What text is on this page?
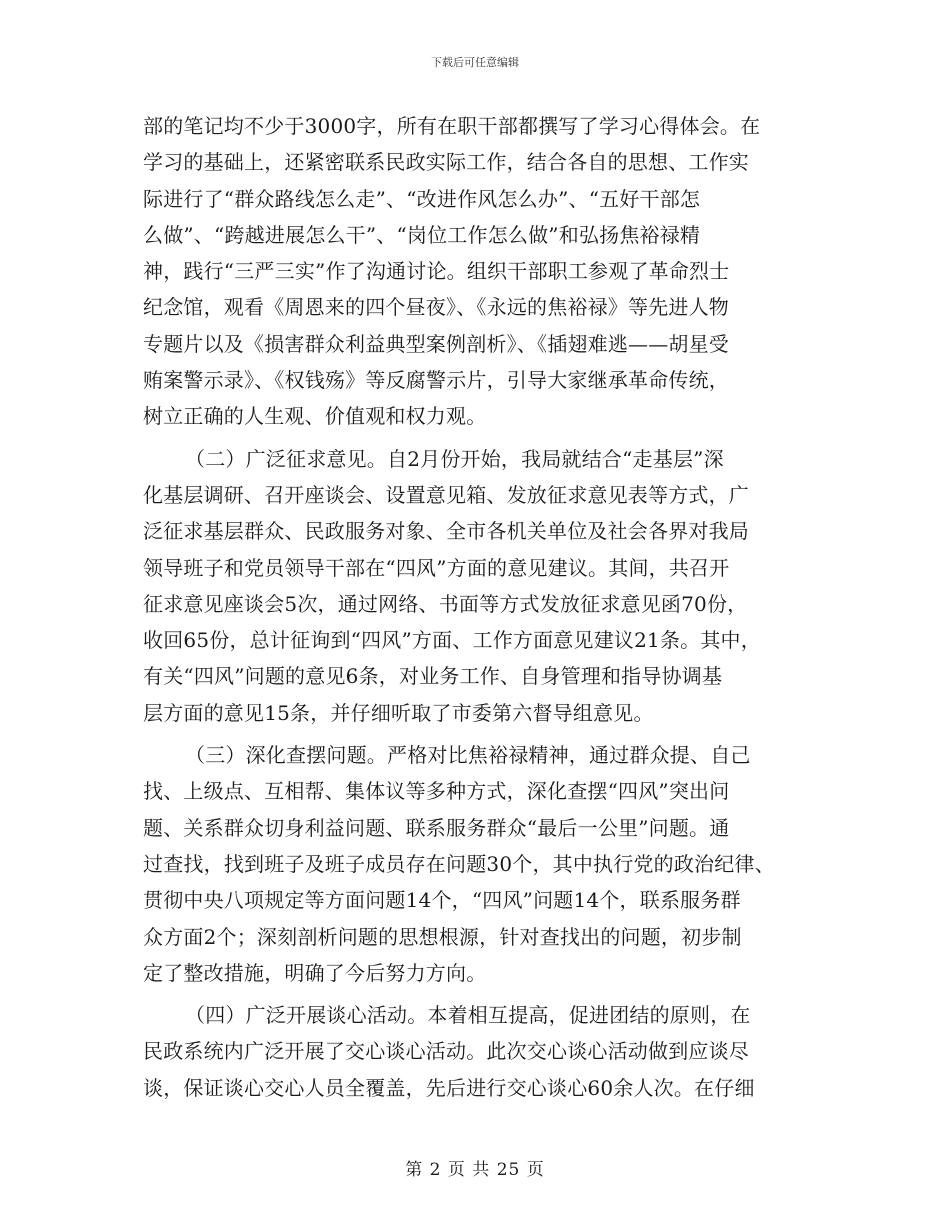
下载后可任意编辑
部的笔记均不少于3000字，所有在职干部都撰写了学习心得体会。在
学习的基础上，还紧密联系民政实际工作，结合各自的思想、工作实
际进行了“群众路线怎么走”、“改进作风怎么办”、“五好干部怎
么做”、“跨越进展怎么干”、“岗位工作怎么做”和弘扬焦裕禄精
神，践行“三严三实”作了沟通讨论。组织干部职工参观了革命烈士
纪念馆，观看《周恩来的四个昼夜》、《永远的焦裕禄》等先进人物
专题片以及《损害群众利益典型案例剖析》、《插翅难逃——胡星受
贿案警示录》、《权钱殇》等反腐警示片，引导大家继承革命传统，
树立正确的人生观、价值观和权力观。
（二）广泛征求意见。自2月份开始，我局就结合“走基层”深
化基层调研、召开座谈会、设置意见箱、发放征求意见表等方式，广
泛征求基层群众、民政服务对象、全市各机关单位及社会各界对我局
领导班子和党员领导干部在“四风”方面的意见建议。其间，共召开
征求意见座谈会5次，通过网络、书面等方式发放征求意见函70份，
收回65份，总计征询到“四风”方面、工作方面意见建议21条。其中，
有关“四风”问题的意见6条，对业务工作、自身管理和指导协调基
层方面的意见15条，并仔细听取了市委第六督导组意见。
（三）深化查摆问题。严格对比焦裕禄精神，通过群众提、自己
找、上级点、互相帮、集体议等多种方式，深化查摆“四风”突出问
题、关系群众切身利益问题、联系服务群众“最后一公里”问题。通
过查找，找到班子及班子成员存在问题30个，其中执行党的政治纪律、
贯彻中央八项规定等方面问题14个，“四风”问题14个，联系服务群
众方面2个；深刻剖析问题的思想根源，针对查找出的问题，初步制
定了整改措施，明确了今后努力方向。
（四）广泛开展谈心活动。本着相互提高，促进团结的原则，在
民政系统内广泛开展了交心谈心活动。此次交心谈心活动做到应谈尽
谈，保证谈心交心人员全覆盖，先后进行交心谈心60余人次。在仔细
第 2 页 共 25 页
